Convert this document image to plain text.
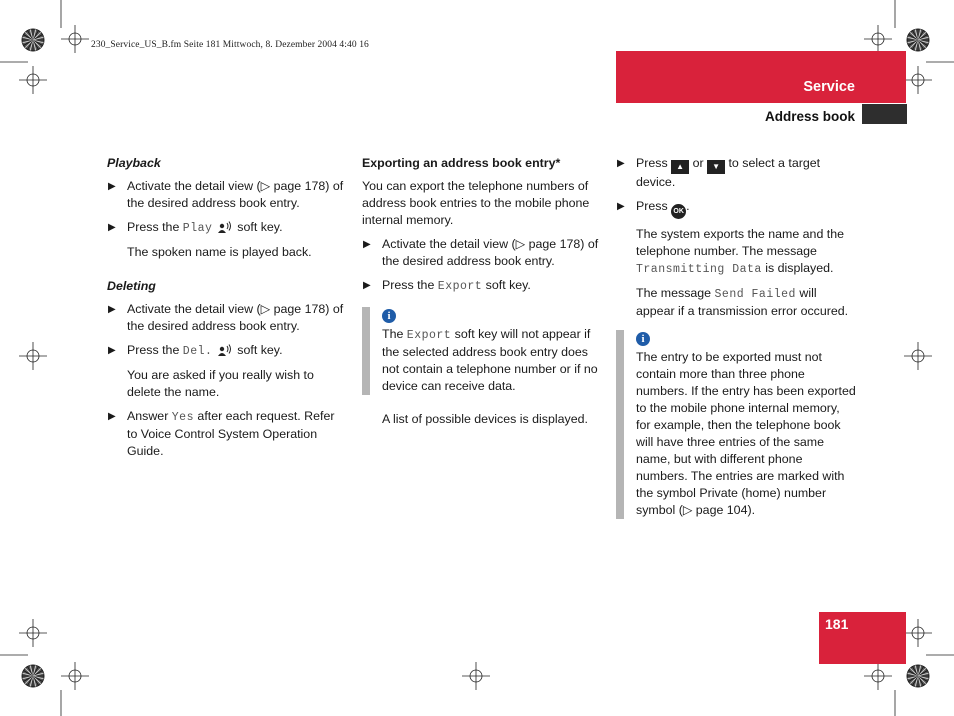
230_Service_US_B.fm Seite 181 Mittwoch, 8. Dezember 2004 4:40 16
Service
Address book
Playback
▶ Activate the detail view (▷ page 178) of the desired address book entry.
▶ Press the Play  soft key.
The spoken name is played back.
Deleting
▶ Activate the detail view (▷ page 178) of the desired address book entry.
▶ Press the Del.  soft key.
You are asked if you really wish to delete the name.
▶ Answer Yes after each request. Refer to Voice Control System Operation Guide.
Exporting an address book entry*
You can export the telephone numbers of address book entries to the mobile phone internal memory.
▶ Activate the detail view (▷ page 178) of the desired address book entry.
▶ Press the Export soft key.
i
The Export soft key will not appear if the selected address book entry does not contain a telephone number or if no device can receive data.
A list of possible devices is displayed.
▶ Press ▲ or ▼ to select a target device.
▶ Press OK .
The system exports the name and the telephone number. The message Transmitting Data is displayed.
The message Send Failed will appear if a transmission error occured.
i
The entry to be exported must not contain more than three phone numbers. If the entry has been exported to the mobile phone internal memory, for example, then the telephone book will have three entries of the same name, but with different phone numbers. The entries are marked with the symbol Private (home) number symbol (▷ page 104).
181
